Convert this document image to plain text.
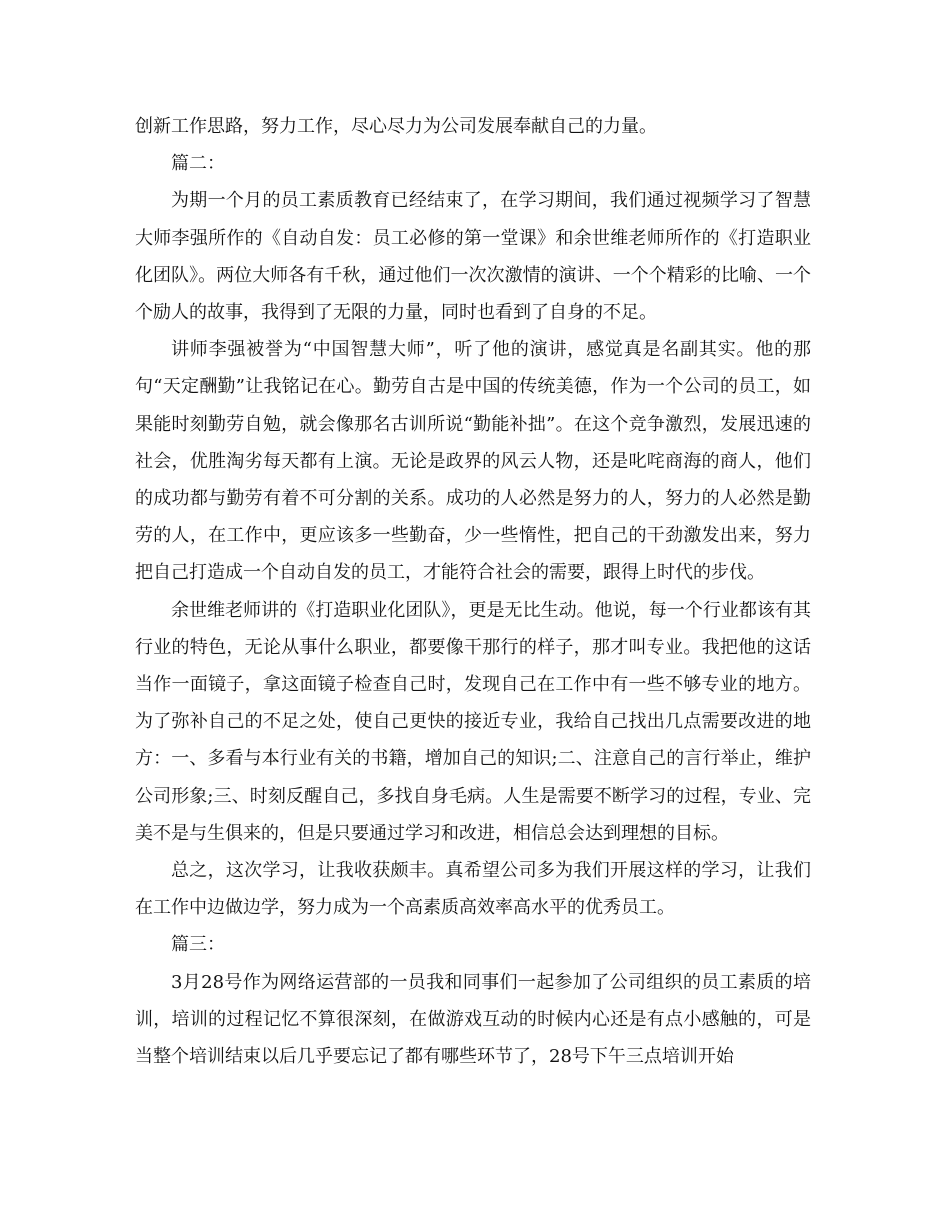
创新工作思路，努力工作，尽心尽力为公司发展奉献自己的力量。

篇二：

为期一个月的员工素质教育已经结束了，在学习期间，我们通过视频学习了智慧大师李强所作的《自动自发：员工必修的第一堂课》和余世维老师所作的《打造职业化团队》。两位大师各有千秋，通过他们一次次激情的演讲、一个个精彩的比喻、一个个励人的故事，我得到了无限的力量，同时也看到了自身的不足。

讲师李强被誉为“中国智慧大师”，听了他的演讲，感觉真是名副其实。他的那句“天定酬勤”让我铭记在心。勤劳自古是中国的传统美德，作为一个公司的员工，如果能时刻勤劳自勉，就会像那名古训所说“勤能补拙”。在这个竞争激烈，发展迅速的社会，优胜淘劣每天都有上演。无论是政界的风云人物，还是叱咤商海的商人，他们的成功都与勤劳有着不可分割的关系。成功的人必然是努力的人，努力的人必然是勤劳的人，在工作中，更应该多一些勤奋，少一些惰性，把自己的干劲激发出来，努力把自己打造成一个自动自发的员工，才能符合社会的需要，跟得上时代的步伐。

余世维老师讲的《打造职业化团队》，更是无比生动。他说，每一个行业都该有其行业的特色，无论从事什么职业，都要像干那行的样子，那才叫专业。我把他的这话当作一面镜子，拿这面镜子检查自己时，发现自己在工作中有一些不够专业的地方。为了弥补自己的不足之处，使自己更快的接近专业，我给自己找出几点需要改进的地方：一、多看与本行业有关的书籍，增加自己的知识;二、注意自己的言行举止，维护公司形象;三、时刻反醒自己，多找自身毛病。人生是需要不断学习的过程，专业、完美不是与生俱来的，但是只要通过学习和改进，相信总会达到理想的目标。

总之，这次学习，让我收获颇丰。真希望公司多为我们开展这样的学习，让我们在工作中边做边学，努力成为一个高素质高效率高水平的优秀员工。

篇三：

3月28号作为网络运营部的一员我和同事们一起参加了公司组织的员工素质的培训，培训的过程记忆不算很深刻，在做游戏互动的时候内心还是有点小感触的，可是当整个培训结束以后几乎要忘记了都有哪些环节了，28号下午三点培训开始
